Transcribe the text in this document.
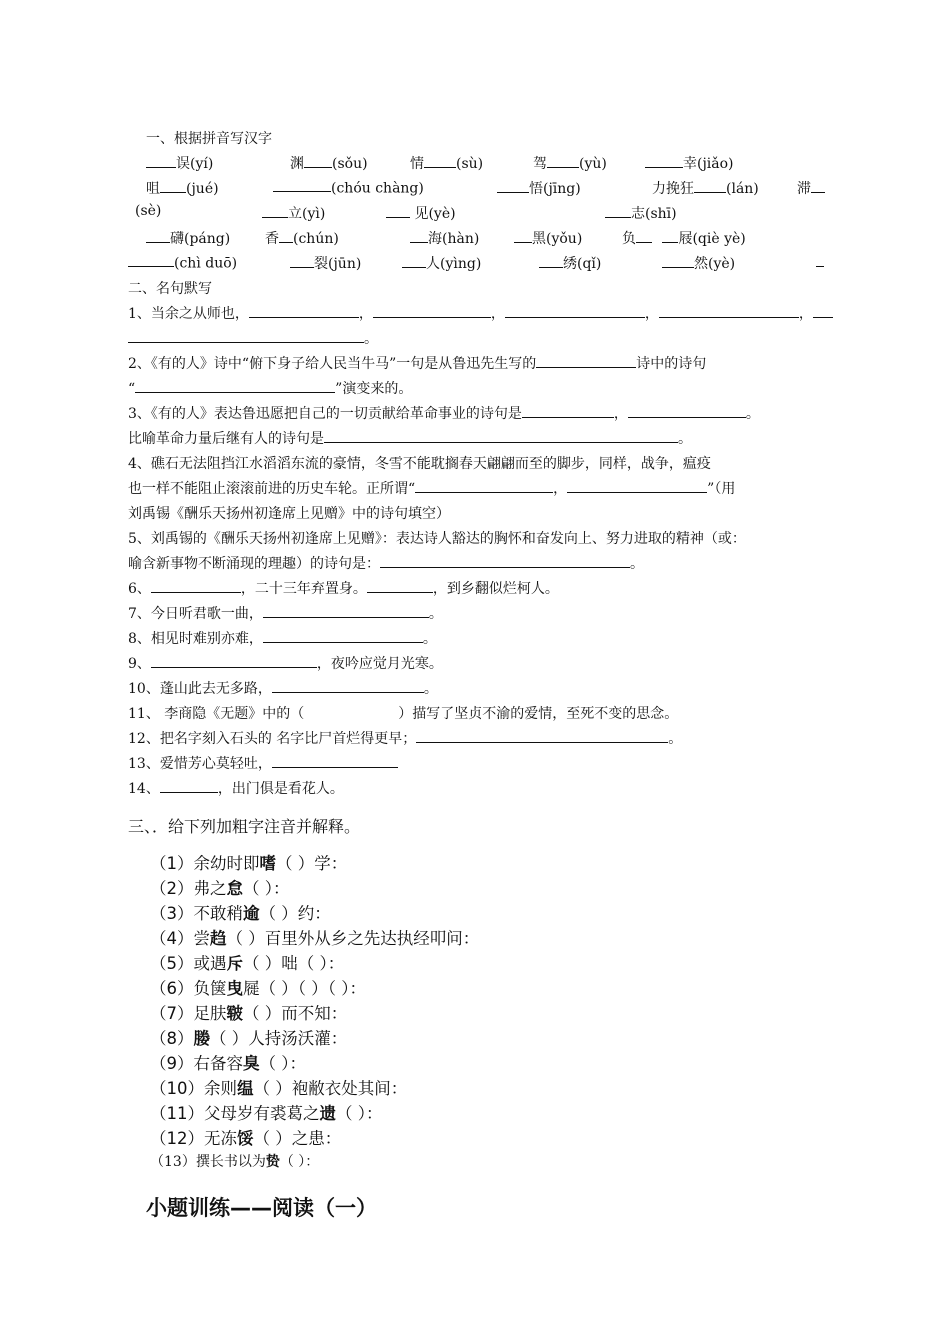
一、根据拼音写汉字
误(yí)	渊 (sǒu)	情 (sù)	驾 (yù)	幸(jiǎo)
咀 (jué)	(chóu chàng)	悟(jīng)	力挽狂 (lán)	滞
(sè)	立(yì)	见(yè)	志(shī)
礴(páng) 香 (chún)	海(hàn)	黑(yǒu)	负	屐(qiè yè)
(chì duō)	裂(jūn)	人(yìng)	绣(qǐ)	然(yè)
二、名句默写
1、当余之从师也，	，	，	，	，
。
2、《有的人》诗中“俯下身子给人民当牛马”一句是从鲁迅先生写的	诗中的诗句
“	”演变来的。
3、《有的人》表达鲁迅愿把自己的一切贡献给革命事业的诗句是	，	。
比喻革命力量后继有人的诗句是	。
4、礁石无法阻挡江水滔滔东流的豪情，冬雪不能耽搁春天翩翩而至的脚步，同样，战争，瘟疫
也一样不能阻止滚滚前进的历史车轮。正所谓“	，	”（用
刘禹锡《酬乐天扬州初逢席上见赠》中的诗句填空）
5、刘禹锡的《酬乐天扬州初逢席上见赠》：表达诗人豁达的胸怀和奋发向上、努力进取的精神（或：
喻含新事物不断涌现的理趣）的诗句是：	。
6、	，二十三年弃置身。	，到乡翻似烂柯人。
7、今日听君歌一曲，	。
8、相见时难别亦难，	。
9、	，夜吟应觉月光寒。
10、蓬山此去无多路，	。
11、 李商隐《无题》中的（	）描写了坚贞不渝的爱情，至死不变的思念。
12、把名字刻入石头的 名字比尸首烂得更早；	。
13、爱惜芳心莫轻吐，
14、	，出门俱是看花人。
三、．给下列加粗字注音并解释。
（1）余幼时即嗜（ ）学：
（2）弗之怠（ ）：
（3）不敢稍逾（ ）约：
（4）尝趋（ ）百里外从乡之先达执经叩问：
（5）或遇斥（ ）咄（ ）：
（6）负箧曳屣（ ）（ ）（ ）：
（7）足肤皲（ ）而不知：
（8）媵（ ）人持汤沃灌：
（9）右备容臭（ ）：
（10）余则缊（ ）袍敝衣处其间：
（11）父母岁有裘葛之遗（ ）：
（12）无冻馁（ ）之患：
（13）撰长书以为贽（ ）：
小题训练——阅读（一）
